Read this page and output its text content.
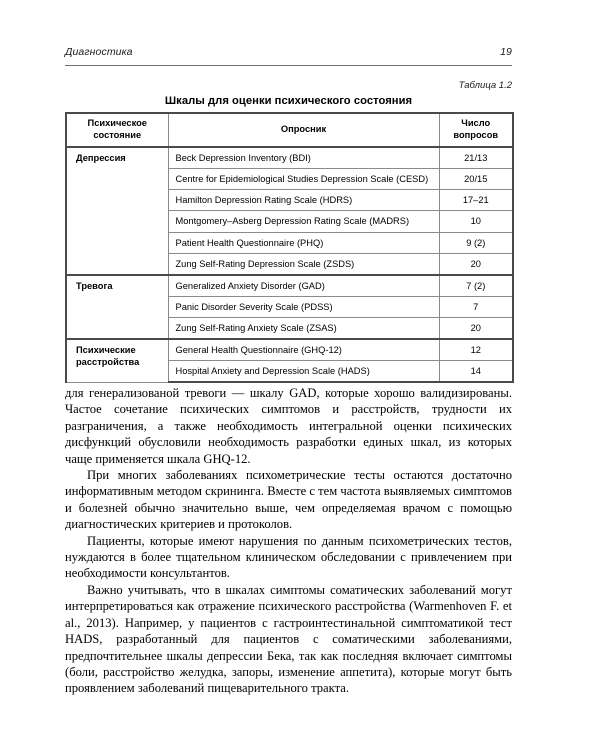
Диагностика	19
Таблица 1.2
Шкалы для оценки психического состояния
Психическое состояние	Опросник	Число вопросов
Депрессия	Beck Depression Inventory (BDI)	21/13
	Centre for Epidemiological Studies Depression Scale (CESD)	20/15
	Hamilton Depression Rating Scale (HDRS)	17–21
	Montgomery–Asberg Depression Rating Scale (MADRS)	10
	Patient Health Questionnaire (PHQ)	9 (2)
	Zung Self-Rating Depression Scale (ZSDS)	20
Тревога	Generalized Anxiety Disorder (GAD)	7 (2)
	Panic Disorder Severity Scale (PDSS)	7
	Zung Self-Rating Anxiety Scale (ZSAS)	20
Психические расстройства	General Health Questionnaire (GHQ-12)	12
	Hospital Anxiety and Depression Scale (HADS)	14

для генерализованой тревоги — шкалу GAD, которые хорошо валидизированы. Частое сочетание психических симптомов и расстройств, трудности их разграничения, а также необходимость интегральной оценки психических дисфункций обусловили необходимость разработки единых шкал, из которых чаще применяется шкала GHQ-12.

При многих заболеваниях психометрические тесты остаются достаточно информативным методом скрининга. Вместе с тем частота выявляемых симптомов и болезней обычно значительно выше, чем определяемая врачом с помощью диагностических критериев и протоколов.

Пациенты, которые имеют нарушения по данным психометрических тестов, нуждаются в более тщательном клиническом обследовании с привлечением при необходимости консультантов.

Важно учитывать, что в шкалах симптомы соматических заболеваний могут интерпретироваться как отражение психического расстройства (Warmenhoven F. et al., 2013). Например, у пациентов с гастроинтестинальной симптоматикой тест HADS, разработанный для пациентов с соматическими заболеваниями, предпочтительнее шкалы депрессии Бека, так как последняя включает симптомы (боли, расстройство желудка, запоры, изменение аппетита), которые могут быть проявлением заболеваний пищеварительного тракта.
